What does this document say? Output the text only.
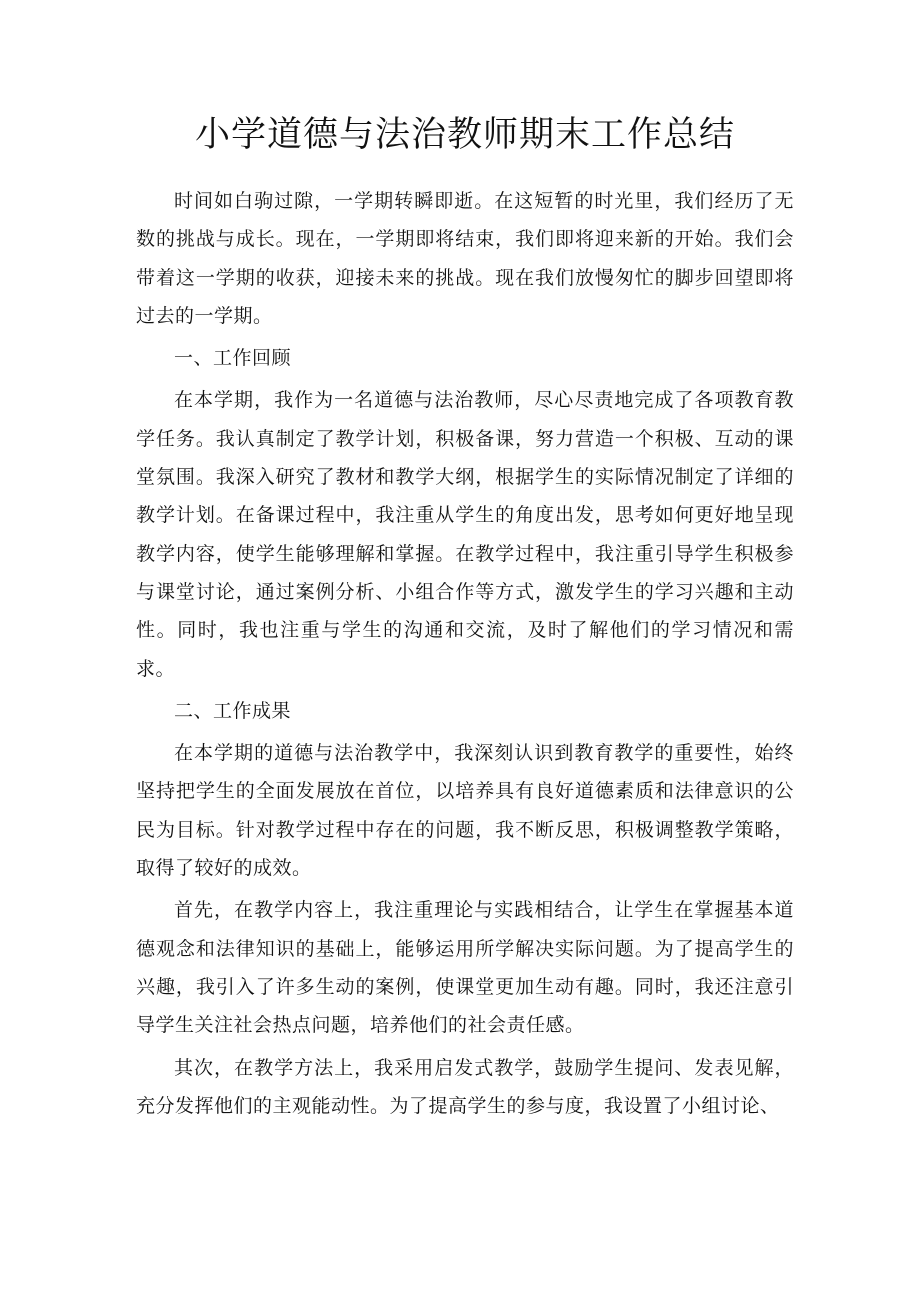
小学道德与法治教师期末工作总结

时间如白驹过隙，一学期转瞬即逝。在这短暂的时光里，我们经历了无数的挑战与成长。现在，一学期即将结束，我们即将迎来新的开始。我们会带着这一学期的收获，迎接未来的挑战。现在我们放慢匆忙的脚步回望即将过去的一学期。

一、工作回顾

在本学期，我作为一名道德与法治教师，尽心尽责地完成了各项教育教学任务。我认真制定了教学计划，积极备课，努力营造一个积极、互动的课堂氛围。我深入研究了教材和教学大纲，根据学生的实际情况制定了详细的教学计划。在备课过程中，我注重从学生的角度出发，思考如何更好地呈现教学内容，使学生能够理解和掌握。在教学过程中，我注重引导学生积极参与课堂讨论，通过案例分析、小组合作等方式，激发学生的学习兴趣和主动性。同时，我也注重与学生的沟通和交流，及时了解他们的学习情况和需求。

二、工作成果

在本学期的道德与法治教学中，我深刻认识到教育教学的重要性，始终坚持把学生的全面发展放在首位，以培养具有良好道德素质和法律意识的公民为目标。针对教学过程中存在的问题，我不断反思，积极调整教学策略，取得了较好的成效。

首先，在教学内容上，我注重理论与实践相结合，让学生在掌握基本道德观念和法律知识的基础上，能够运用所学解决实际问题。为了提高学生的兴趣，我引入了许多生动的案例，使课堂更加生动有趣。同时，我还注意引导学生关注社会热点问题，培养他们的社会责任感。

其次，在教学方法上，我采用启发式教学，鼓励学生提问、发表见解，充分发挥他们的主观能动性。为了提高学生的参与度，我设置了小组讨论、
